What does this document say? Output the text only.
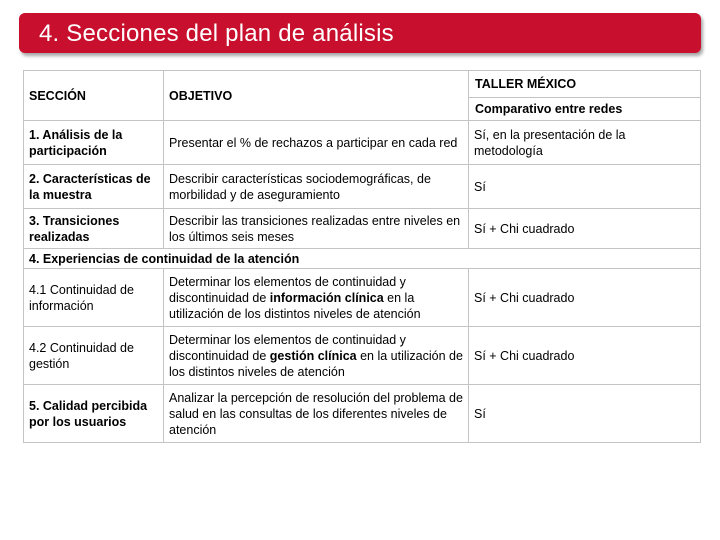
4. Secciones del plan de análisis
SECCIÓN	OBJETIVO	TALLER MÉXICO
Comparativo entre redes

1. Análisis de la participación	Presentar el % de rechazos a participar en cada red	Sí, en la presentación de la metodología
2. Características de la muestra	Describir características sociodemográficas, de morbilidad y de aseguramiento	Sí
3. Transiciones realizadas	Describir las transiciones realizadas entre niveles en los últimos seis meses	Sí + Chi cuadrado
4. Experiencias de continuidad de la atención		
4.1 Continuidad de información	Determinar los elementos de continuidad y discontinuidad de información clínica en la utilización de los distintos niveles de atención	Sí + Chi cuadrado
4.2 Continuidad de gestión	Determinar los elementos de continuidad y discontinuidad de gestión clínica en la utilización de los distintos niveles de atención	Sí + Chi cuadrado
5. Calidad percibida por los usuarios	Analizar la percepción de resolución del problema de salud en las consultas de los diferentes niveles de atención	Sí
